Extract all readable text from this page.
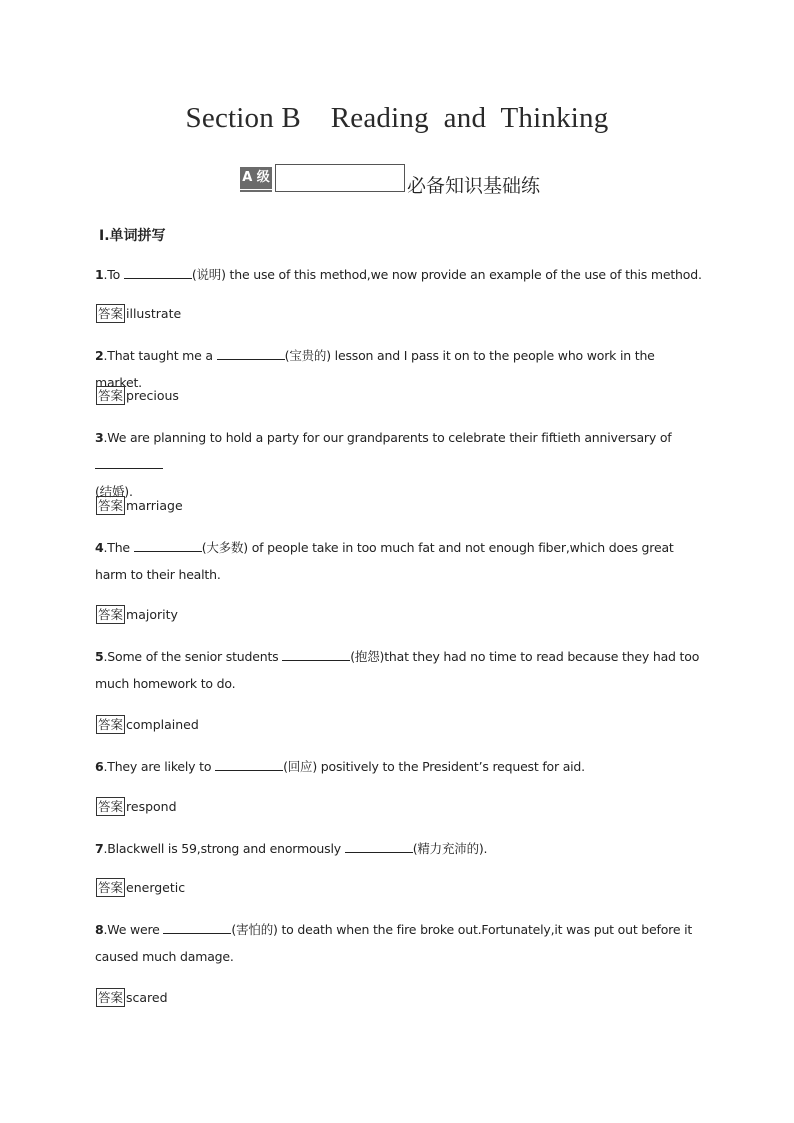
Section B    Reading  and  Thinking
A 级	必备知识基础练
Ⅰ.单词拼写
1.To	(说明) the use of this method,we now provide an example of the use of this method.
答案 illustrate
2.That taught me a	(宝贵的) lesson and I pass it on to the people who work in the market.
答案 precious
3.We are planning to hold a party for our grandparents to celebrate their fiftieth anniversary of
(结婚).
答案 marriage
4.The	(大多数) of people take in too much fat and not enough fiber,which does great harm to their health.
答案 majority
5.Some of the senior students	(抱怨)that they had no time to read because they had too much homework to do.
答案 complained
6.They are likely to	(回应) positively to the President’s request for aid.
答案 respond
7.Blackwell is 59,strong and enormously	(精力充沛的).
答案 energetic
8.We were	(害怕的) to death when the fire broke out.Fortunately,it was put out before it caused much damage.
答案 scared
